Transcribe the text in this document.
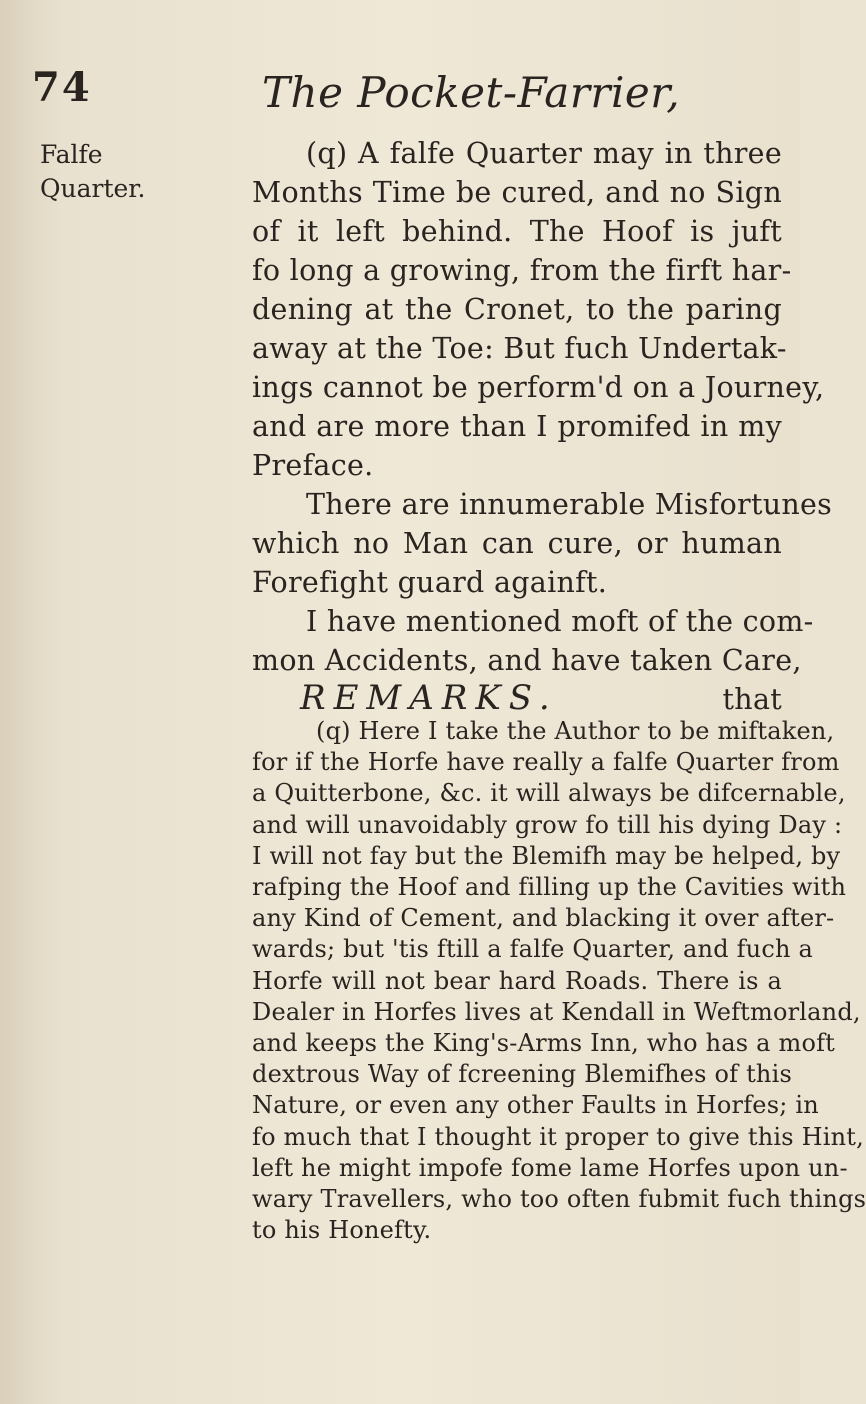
74	The Pocket-Farrier,
Falfe
Quarter.
(q) A falfe Quarter may in three
Months Time be cured, and no Sign
of it left behind. The Hoof is juft
fo long a growing, from the firft har-
dening at the Cronet, to the paring
away at the Toe: But fuch Undertak-
ings cannot be perform'd on a Journey,
and are more than I promifed in my
Preface.
There are innumerable Misfortunes
which no Man can cure, or human
Forefight guard againft.
I have mentioned moft of the com-
mon Accidents, and have taken Care,
that
REMARKS.
(q) Here I take the Author to be miftaken,
for if the Horfe have really a falfe Quarter from
a Quitterbone, &c. it will always be difcernable,
and will unavoidably grow fo till his dying Day :
I will not fay but the Blemifh may be helped, by
rafping the Hoof and filling up the Cavities with
any Kind of Cement, and blacking it over after-
wards; but 'tis ftill a falfe Quarter, and fuch a
Horfe will not bear hard Roads. There is a
Dealer in Horfes lives at Kendall in Weftmorland,
and keeps the King's-Arms Inn, who has a moft
dextrous Way of fcreening Blemifhes of this
Nature, or even any other Faults in Horfes; in
fo much that I thought it proper to give this Hint,
left he might impofe fome lame Horfes upon un-
wary Travellers, who too often fubmit fuch things
to his Honefty.
